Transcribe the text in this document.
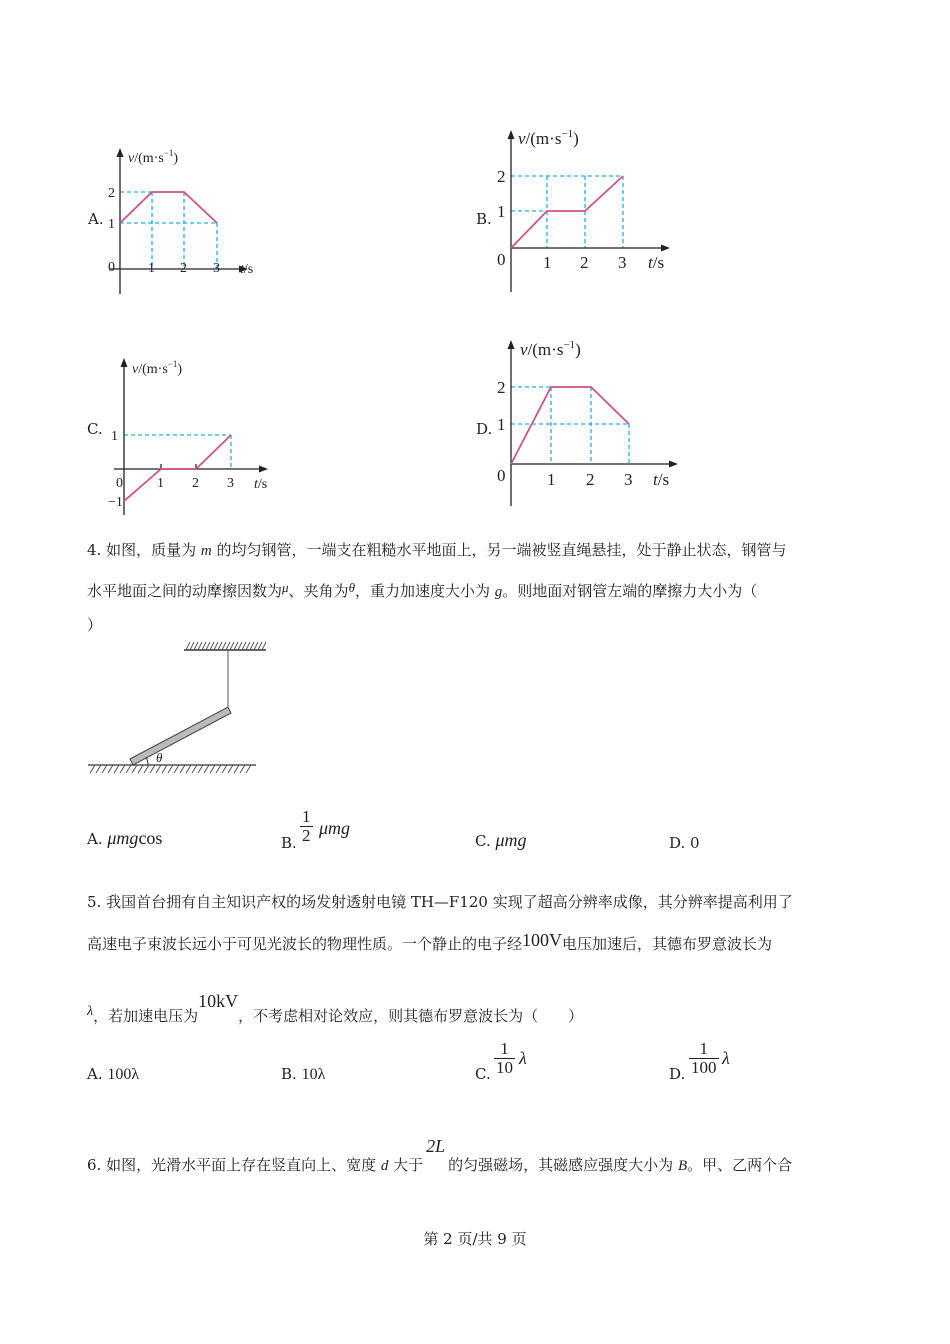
A.
$v/(m\cdot s^{-1})$
2
1
0 1 2 3 t/s
B.
$v/(m\cdot s^{-1})$
2
1
0 1 2 3 t/s
C.
$v/(m\cdot s^{-1})$
1
0
−1
1 2 3 t/s
D.
$v/(m\cdot s^{-1})$
2
1
0 1 2 3 t/s
4. 如图，质量为 m 的均匀钢管，一端支在粗糙水平地面上，另一端被竖直绳悬挂，处于静止状态，钢管与
水平地面之间的动摩擦因数为μ、夹角为θ，重力加速度大小为 g。则地面对钢管左端的摩擦力大小为（
）
θ
A. μmgcos	B. $\frac{1}{2}$ μmg
C. μmg	D. 0
5. 我国首台拥有自主知识产权的场发射透射电镜 TH—F120 实现了超高分辨率成像，其分辨率提高利用了
高速电子束波长远小于可见光波长的物理性质。一个静止的电子经100V电压加速后，其德布罗意波长为
λ，若加速电压为10kV，不考虑相对论效应，则其德布罗意波长为（　　）
A. 100λ	B. 10λ	C. $\frac{1}{10}$ λ
D. $\frac{1}{100}$ λ
6. 如图，光滑水平面上存在竖直向上、宽度 d 大于2L的匀强磁场，其磁感应强度大小为 B。甲、乙两个合
第 2 页/共 9 页
